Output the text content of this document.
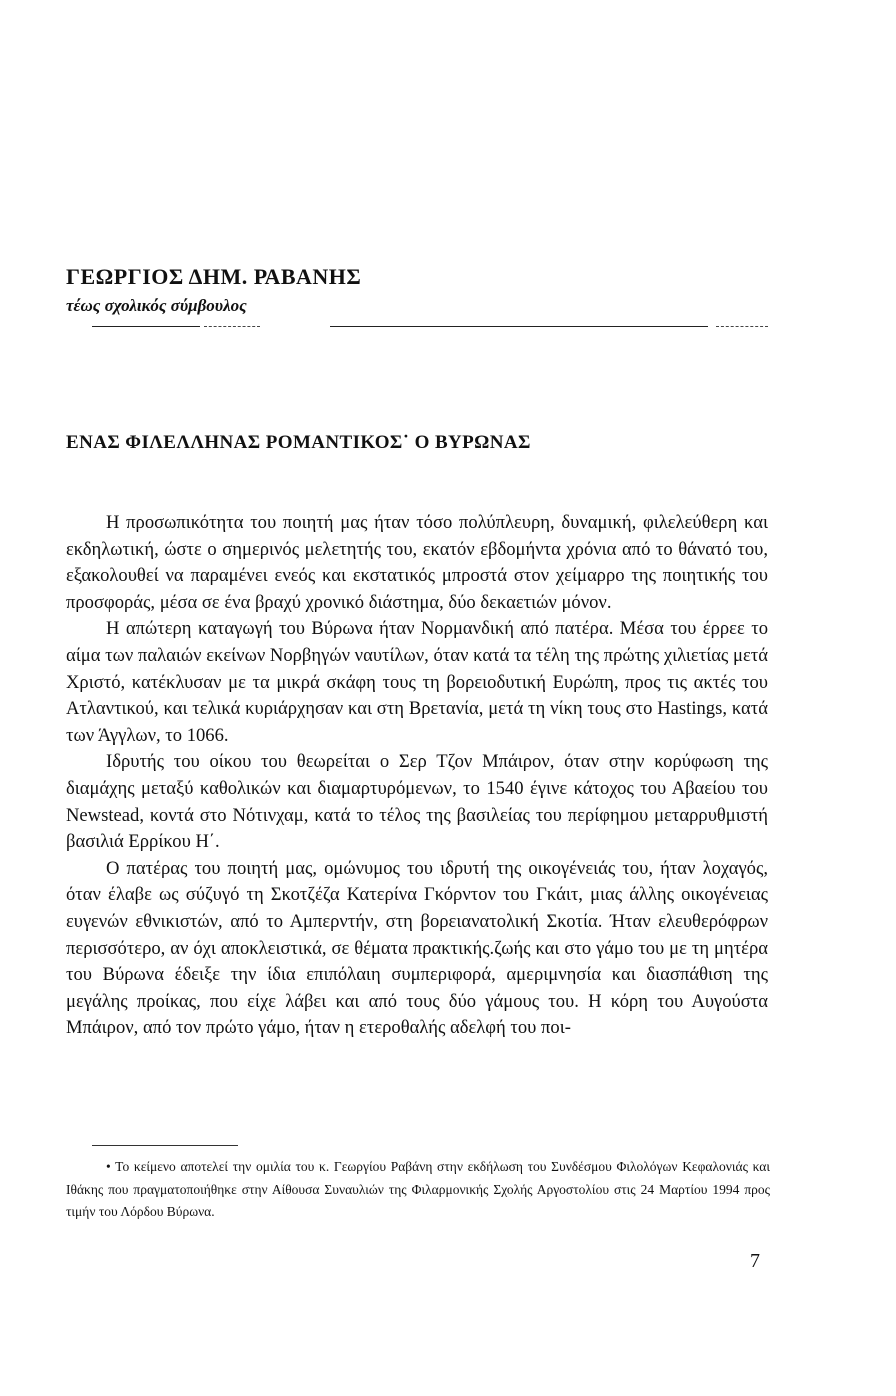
ΓΕΩΡΓΙΟΣ ΔΗΜ. ΡΑΒΑΝΗΣ
τέως σχολικός σύμβουλος
ΕΝΑΣ ΦΙΛΕΛΛΗΝΑΣ ΡΟΜΑΝΤΙΚΟΣ˙ Ο ΒΥΡΩΝΑΣ

Η προσωπικότητα του ποιητή μας ήταν τόσο πολύπλευρη, δυναμική, φιλελεύθερη και εκδηλωτική, ώστε ο σημερινός μελετητής του, εκατόν εβδομήντα χρόνια από το θάνατό του, εξακολουθεί να παραμένει ενεός και εκστατικός μπροστά στον χείμαρρο της ποιητικής του προσφοράς, μέσα σε ένα βραχύ χρονικό διάστημα, δύο δεκαετιών μόνον.

Η απώτερη καταγωγή του Βύρωνα ήταν Νορμανδική από πατέρα. Μέσα του έρρεε το αίμα των παλαιών εκείνων Νορβηγών ναυτίλων, όταν κατά τα τέλη της πρώτης χιλιετίας μετά Χριστό, κατέκλυσαν με τα μικρά σκάφη τους τη βορειοδυτική Ευρώπη, προς τις ακτές του Ατλαντικού, και τελικά κυριάρχησαν και στη Βρετανία, μετά τη νίκη τους στο Hastings, κατά των Άγγλων, το 1066.

Ιδρυτής του οίκου του θεωρείται ο Σερ Τζον Μπάιρον, όταν στην κορύφωση της διαμάχης μεταξύ καθολικών και διαμαρτυρόμενων, το 1540 έγινε κάτοχος του Αβαείου του Newstead, κοντά στο Νότινχαμ, κατά το τέλος της βασιλείας του περίφημου μεταρρυθμιστή βασιλιά Ερρίκου Η΄.

Ο πατέρας του ποιητή μας, ομώνυμος του ιδρυτή της οικογένειάς του, ήταν λοχαγός, όταν έλαβε ως σύζυγό τη Σκοτζέζα Κατερίνα Γκόρντον του Γκάιτ, μιας άλλης οικογένειας ευγενών εθνικιστών, από το Αμπερντήν, στη βορειανατολική Σκοτία. Ήταν ελευθερόφρων περισσότερο, αν όχι αποκλειστικά, σε θέματα πρακτικής.ζωής και στο γάμο του με τη μητέρα του Βύρωνα έδειξε την ίδια επιπόλαιη συμπεριφορά, αμεριμνησία και διασπάθιση της μεγάλης προίκας, που είχε λάβει και από τους δύο γάμους του. Η κόρη του Αυγούστα Μπάιρον, από τον πρώτο γάμο, ήταν η ετεροθαλής αδελφή του ποι-

• Το κείμενο αποτελεί την ομιλία του κ. Γεωργίου Ραβάνη στην εκδήλωση του Συνδέσμου Φιλολόγων Κεφαλονιάς και Ιθάκης που πραγματοποιήθηκε στην Αίθουσα Συναυλιών της Φιλαρμονικής Σχολής Αργοστολίου στις 24 Μαρτίου 1994 προς τιμήν του Λόρδου Βύρωνα.

7
